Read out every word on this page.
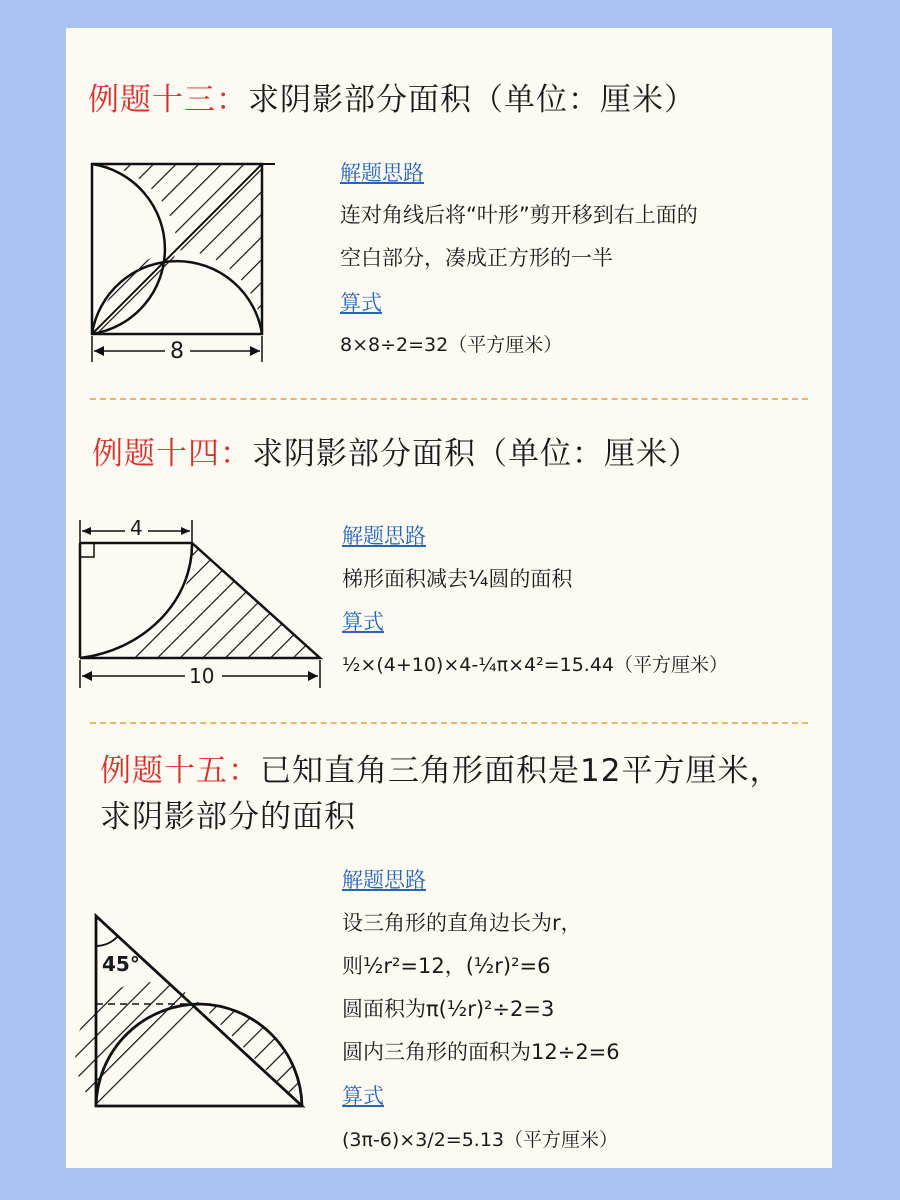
例题十三：求阴影部分面积（单位：厘米）
8
解题思路
连对角线后将“叶形”剪开移到右上面的
空白部分，凑成正方形的一半
算式
8×8÷2=32（平方厘米）
例题十四：求阴影部分面积（单位：厘米）
4
10
解题思路
梯形面积减去¼圆的面积
算式
½×(4+10)×4-¼π×4²=15.44（平方厘米）
例题十五：已知直角三角形面积是12平方厘米，求阴影部分的面积
45°
解题思路
设三角形的直角边长为r，
则½r²=12，(½r)²=6
圆面积为π(½r)²÷2=3
圆内三角形的面积为12÷2=6
算式
(3π-6)×3/2=5.13（平方厘米）
